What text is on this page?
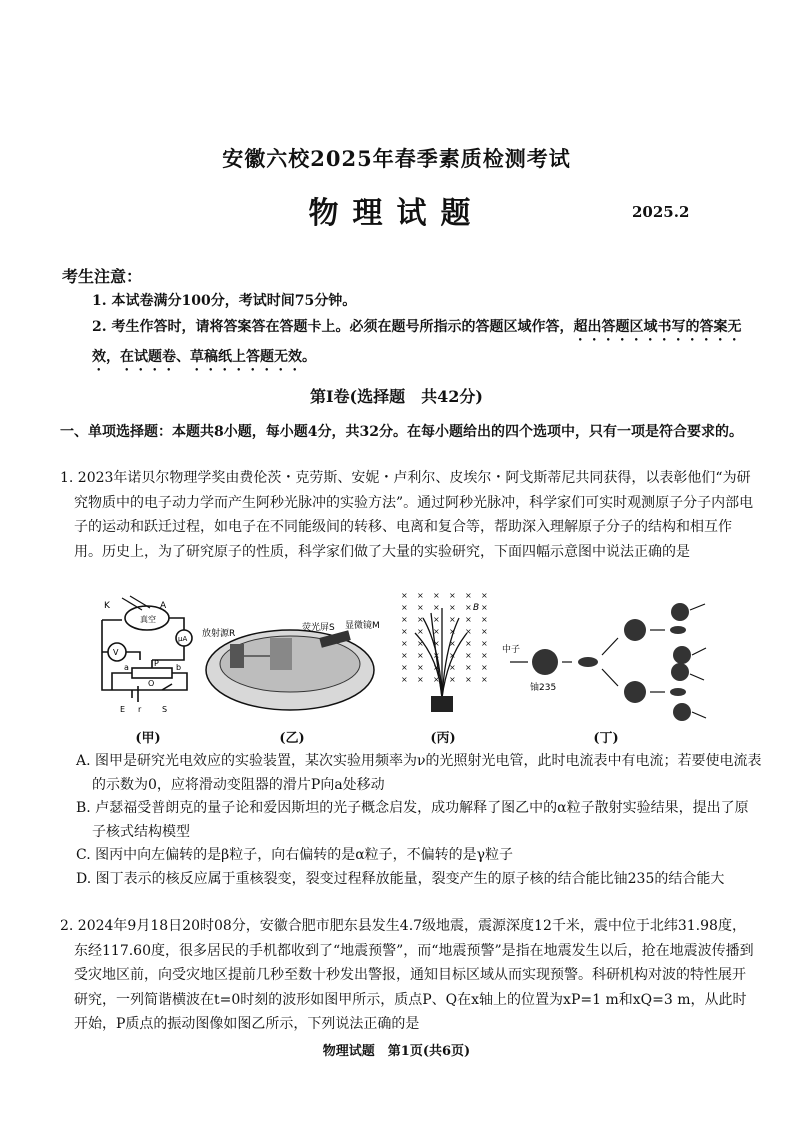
安徽六校2025年春季素质检测考试
物理试题	2025.2
考生注意：
1. 本试卷满分100分，考试时间75分钟。
2. 考生作答时，请将答案答在答题卡上。必须在题号所指示的答题区域作答，超出答题区域书写的答案无效，在试题卷、草稿纸上答题无效。
第Ⅰ卷(选择题　共42分)
一、单项选择题：本题共8小题，每小题4分，共32分。在每小题给出的四个选项中，只有一项是符合要求的。
1. 2023年诺贝尔物理学奖由费伦茨・克劳斯、安妮・卢利尔、皮埃尔・阿戈斯蒂尼共同获得，以表彰他们“为研究物质中的电子动力学而产生阿秒光脉冲的实验方法”。通过阿秒光脉冲，科学家们可实时观测原子分子内部电子的运动和跃迁过程，如电子在不同能级间的转移、电离和复合等，帮助深入理解原子分子的结构和相互作用。历史上，为了研究原子的性质，科学家们做了大量的实验研究，下面四幅示意图中说法正确的是
K	A
真空
μA
V
P b
a
O
E r	S
(甲)
放射源R
荧光屏S 显微镜M
(乙)
× × × × × ×
× × × × × ×
× × × × × ×
× × × × × ×
× × × × × ×
× × × × × ×
× × × × × ×
× × × × × ×
B
(丙)
中子
铀235
(丁)
A. 图甲是研究光电效应的实验装置，某次实验用频率为ν的光照射光电管，此时电流表中有电流；若要使电流表的示数为0，应将滑动变阻器的滑片P向a处移动
B. 卢瑟福受普朗克的量子论和爱因斯坦的光子概念启发，成功解释了图乙中的α粒子散射实验结果，提出了原子核式结构模型
C. 图丙中向左偏转的是β粒子，向右偏转的是α粒子，不偏转的是γ粒子
D. 图丁表示的核反应属于重核裂变，裂变过程释放能量，裂变产生的原子核的结合能比铀235的结合能大
2. 2024年9月18日20时08分，安徽合肥市肥东县发生4.7级地震，震源深度12千米，震中位于北纬31.98度，东经117.60度，很多居民的手机都收到了“地震预警”，而“地震预警”是指在地震发生以后，抢在地震波传播到受灾地区前，向受灾地区提前几秒至数十秒发出警报，通知目标区域从而实现预警。科研机构对波的特性展开研究，一列简谐横波在t=0时刻的波形如图甲所示，质点P、Q在x轴上的位置为xP=1 m和xQ=3 m，从此时开始，P质点的振动图像如图乙所示，下列说法正确的是
物理试题　第1页(共6页)
